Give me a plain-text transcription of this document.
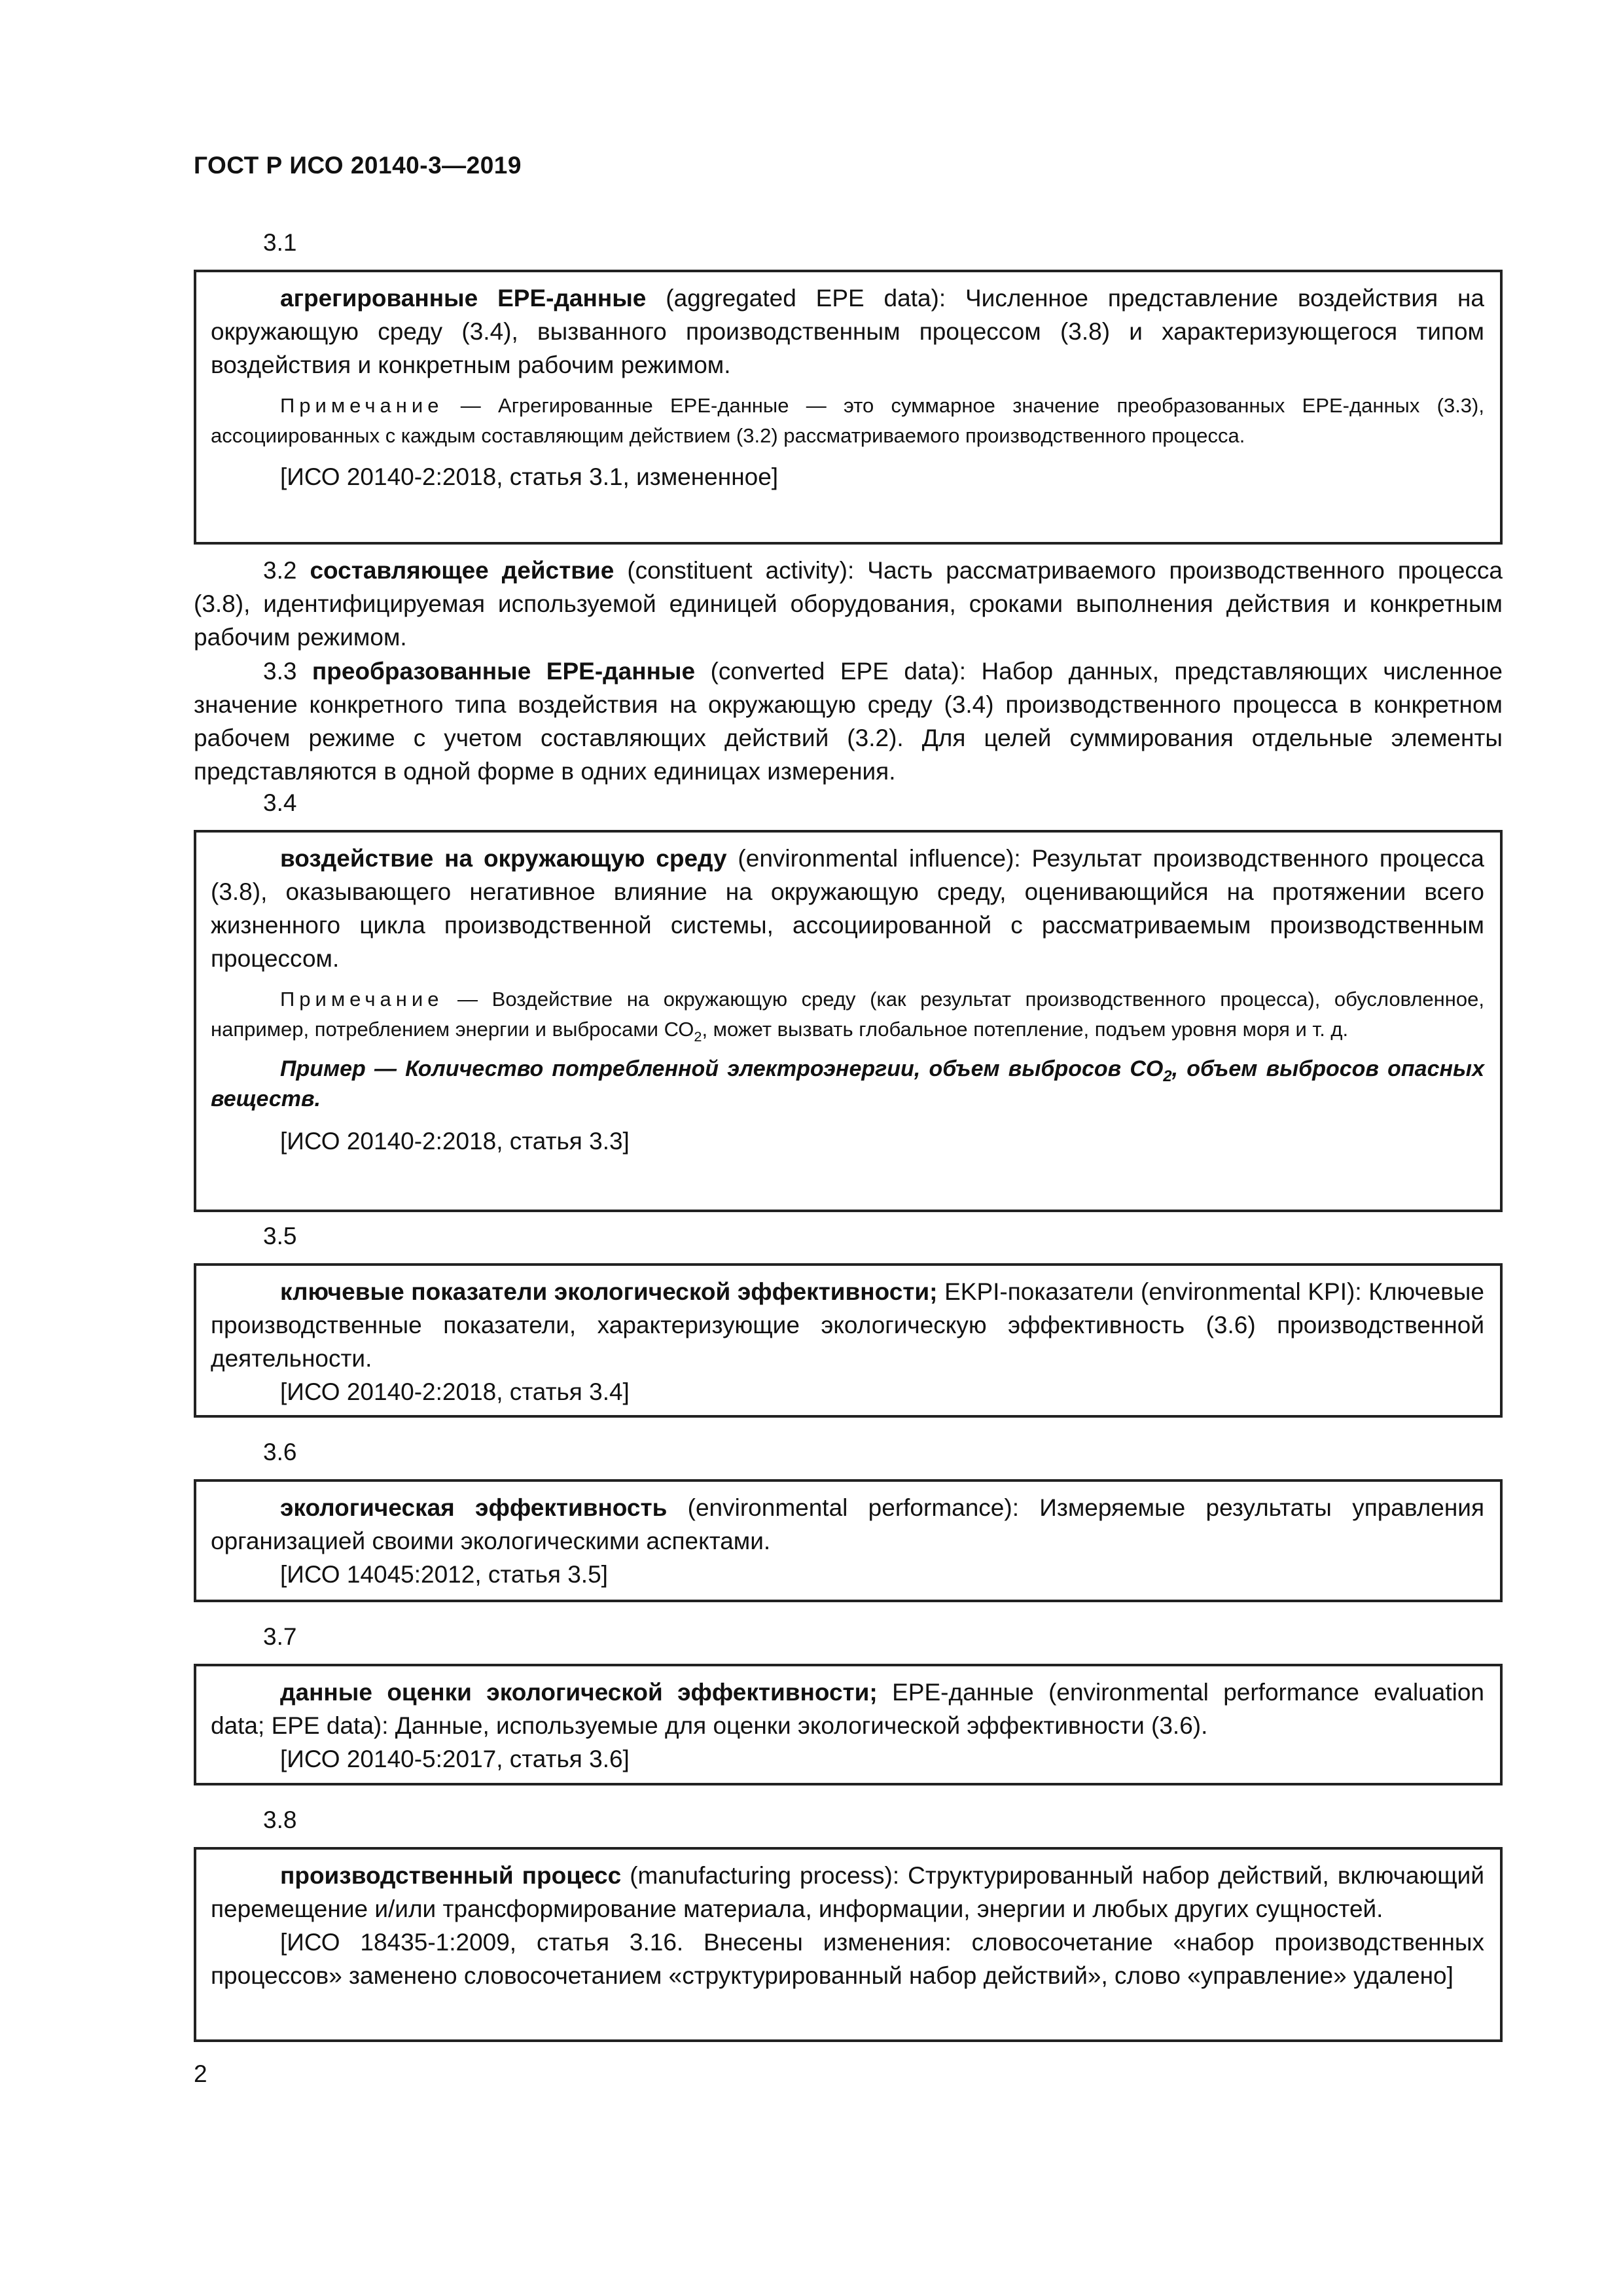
ГОСТ Р ИСО 20140-3—2019
3.1

агрегированные ЕРЕ-данные (aggregated EPE data): Численное представление воздействия на окружающую среду (3.4), вызванного производственным процессом (3.8) и характеризующегося типом воздействия и конкретным рабочим режимом.

Примечание — Агрегированные ЕРЕ-данные — это суммарное значение преобразованных ЕРЕ-данных (3.3), ассоциированных с каждым составляющим действием (3.2) рассматриваемого производственного процесса.

[ИСО 20140-2:2018, статья 3.1, измененное]

3.2 составляющее действие (constituent activity): Часть рассматриваемого производственного процесса (3.8), идентифицируемая используемой единицей оборудования, сроками выполнения действия и конкретным рабочим режимом.

3.3 преобразованные ЕРЕ-данные (converted EPE data): Набор данных, представляющих численное значение конкретного типа воздействия на окружающую среду (3.4) производственного процесса в конкретном рабочем режиме с учетом составляющих действий (3.2). Для целей суммирования отдельные элементы представляются в одной форме в одних единицах измерения.

3.4

воздействие на окружающую среду (environmental influence): Результат производственного процесса (3.8), оказывающего негативное влияние на окружающую среду, оценивающийся на протяжении всего жизненного цикла производственной системы, ассоциированной с рассматриваемым производственным процессом.

Примечание — Воздействие на окружающую среду (как результат производственного процесса), обусловленное, например, потреблением энергии и выбросами $СО_2$, может вызвать глобальное потепление, подъем уровня моря и т. д.

Пример — Количество потребленной электроэнергии, объем выбросов $СО_2$, объем выбросов опасных веществ.

[ИСО 20140-2:2018, статья 3.3]

3.5

ключевые показатели экологической эффективности; EKPI-показатели (environmental KPI): Ключевые производственные показатели, характеризующие экологическую эффективность (3.6) производственной деятельности.

[ИСО 20140-2:2018, статья 3.4]

3.6

экологическая эффективность (environmental performance): Измеряемые результаты управления организацией своими экологическими аспектами.

[ИСО 14045:2012, статья 3.5]

3.7

данные оценки экологической эффективности; ЕРЕ-данные (environmental performance evaluation data; EPE data): Данные, используемые для оценки экологической эффективности (3.6).

[ИСО 20140-5:2017, статья 3.6]

3.8

производственный процесс (manufacturing process): Структурированный набор действий, включающий перемещение и/или трансформирование материала, информации, энергии и любых других сущностей.

[ИСО 18435-1:2009, статья 3.16. Внесены изменения: словосочетание «набор производственных процессов» заменено словосочетанием «структурированный набор действий», слово «управление» удалено]

2
